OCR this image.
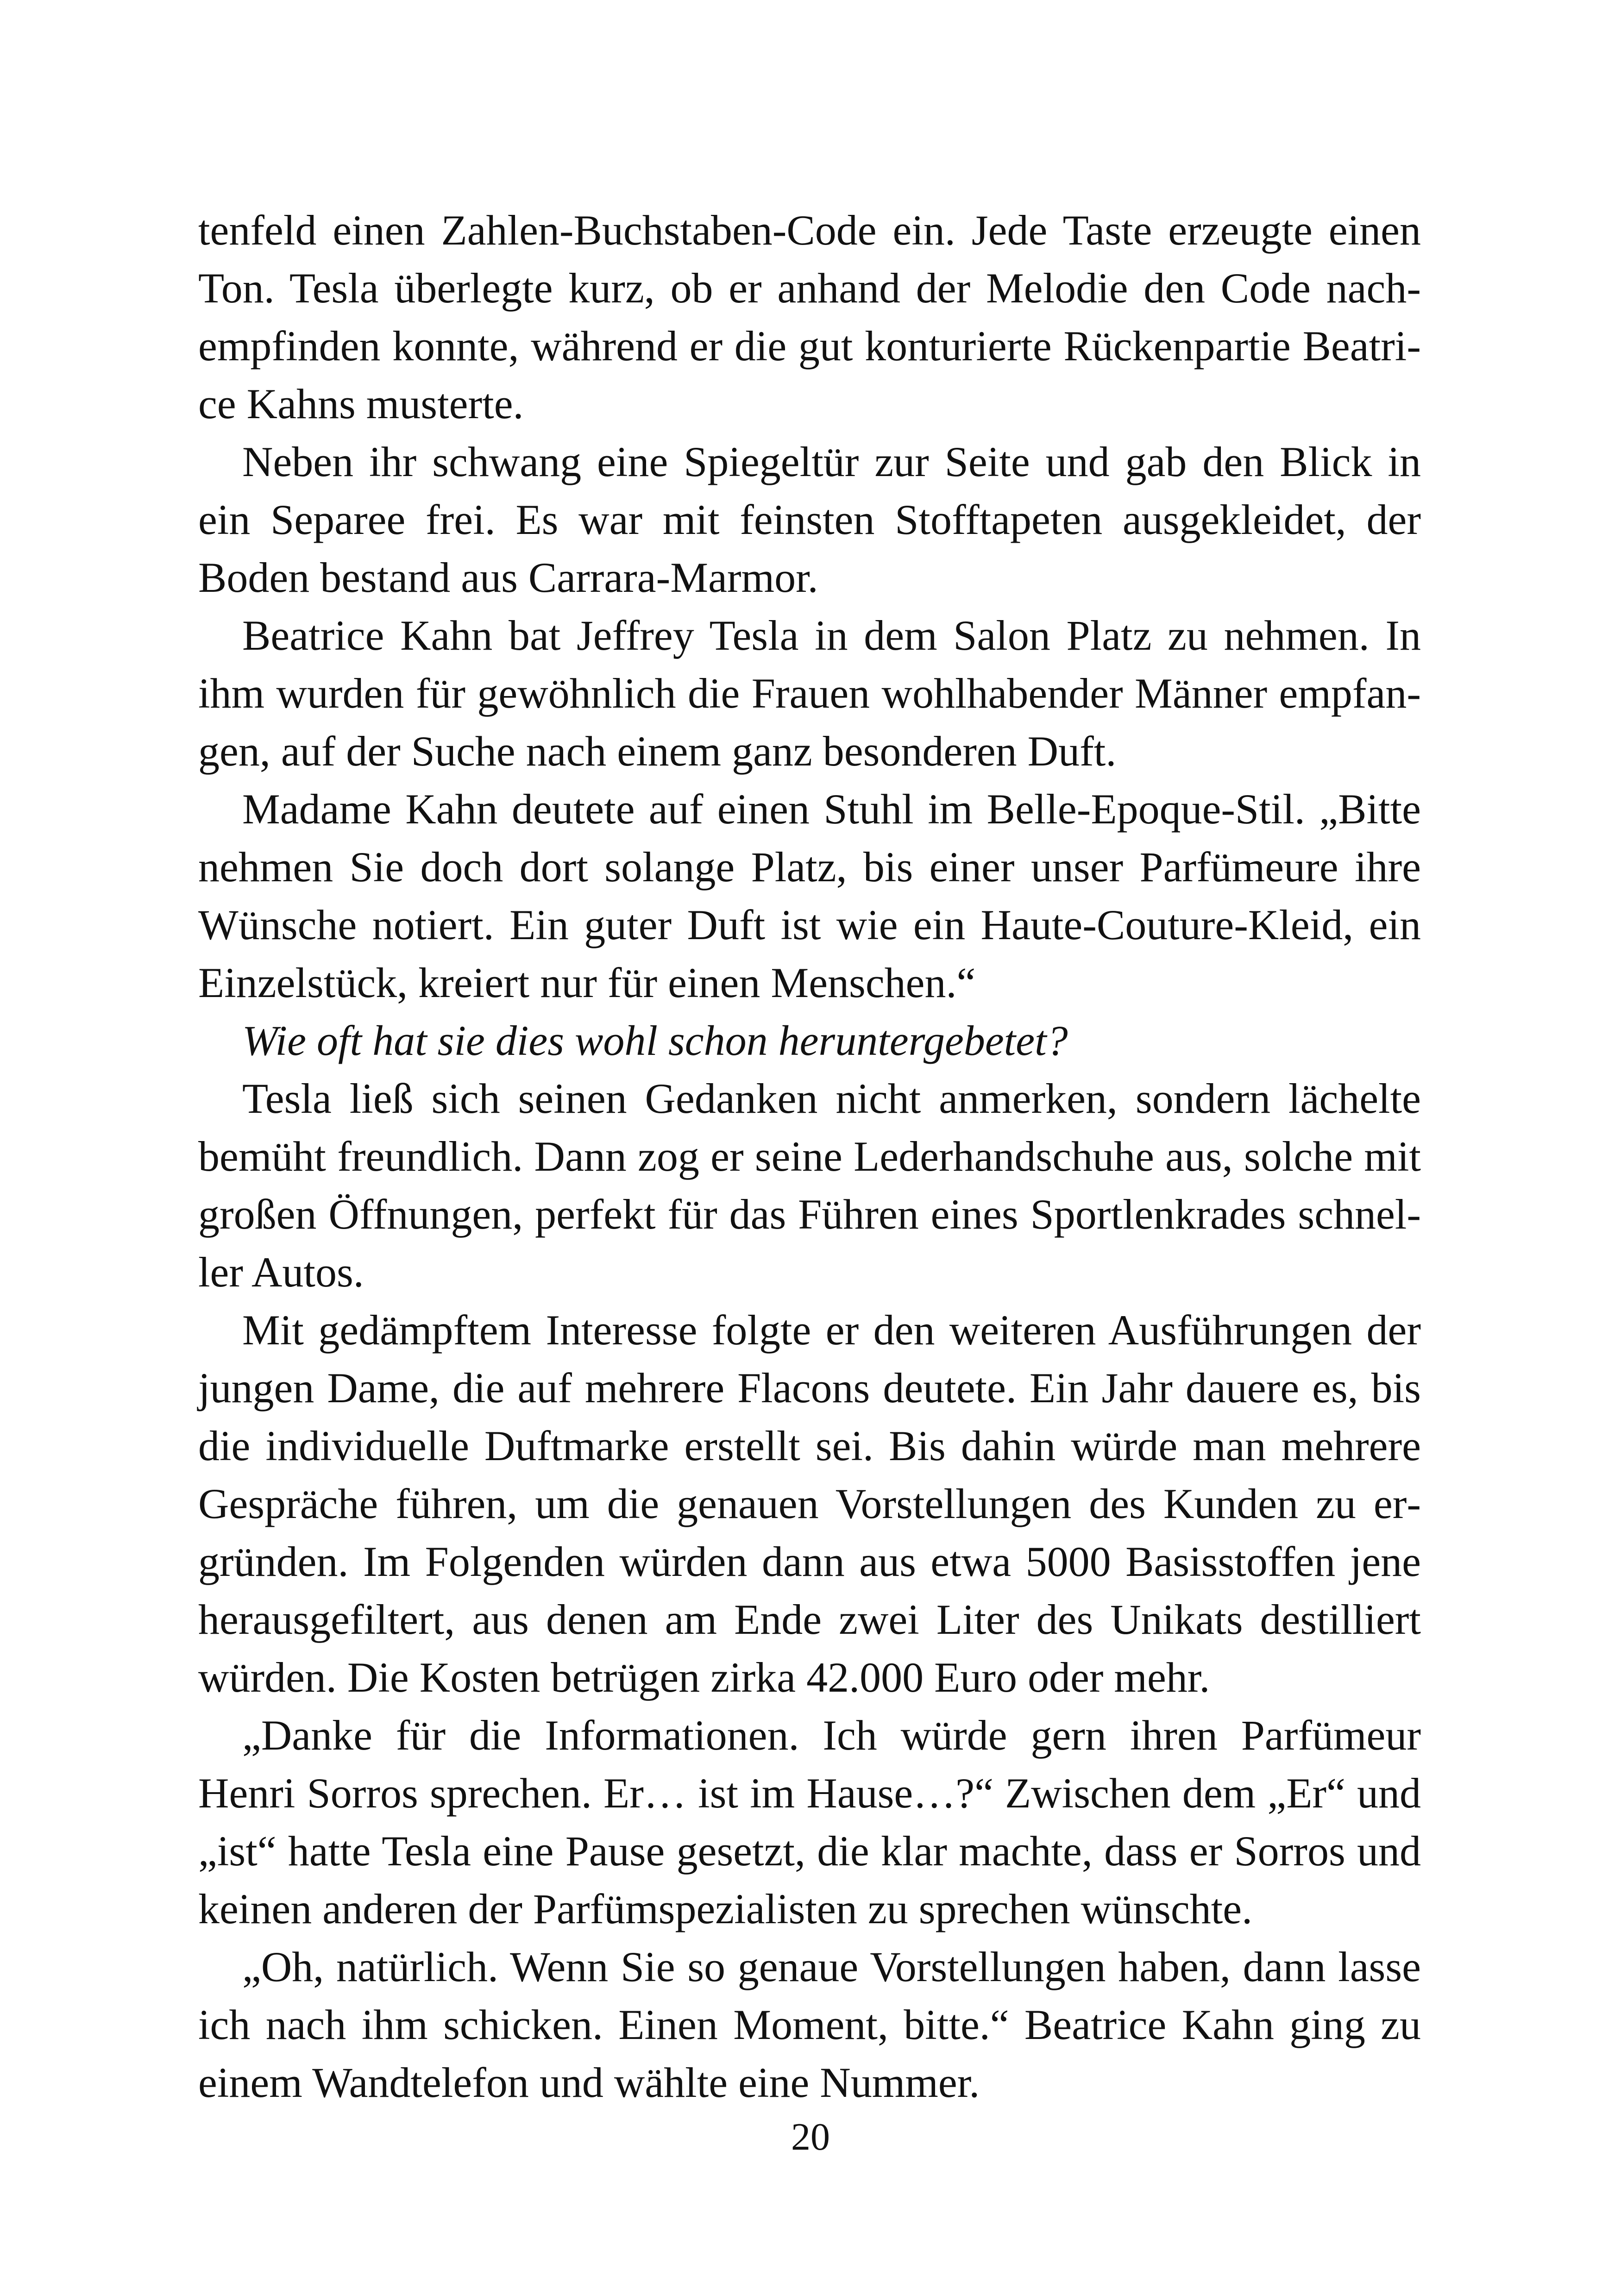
tenfeld einen Zahlen-Buchstaben-Code ein. Jede Taste erzeugte einen Ton. Tesla überlegte kurz, ob er anhand der Melodie den Code nachempfinden konnte, während er die gut konturierte Rückenpartie Beatrice Kahns musterte.

Neben ihr schwang eine Spiegeltür zur Seite und gab den Blick in ein Separee frei. Es war mit feinsten Stofftapeten ausgekleidet, der Boden bestand aus Carrara-Marmor.

Beatrice Kahn bat Jeffrey Tesla in dem Salon Platz zu nehmen. In ihm wurden für gewöhnlich die Frauen wohlhabender Männer empfangen, auf der Suche nach einem ganz besonderen Duft.

Madame Kahn deutete auf einen Stuhl im Belle-Epoque-Stil. „Bitte nehmen Sie doch dort solange Platz, bis einer unser Parfümeure ihre Wünsche notiert. Ein guter Duft ist wie ein Haute-Couture-Kleid, ein Einzelstück, kreiert nur für einen Menschen.“

Wie oft hat sie dies wohl schon heruntergebetet?

Tesla ließ sich seinen Gedanken nicht anmerken, sondern lächelte bemüht freundlich. Dann zog er seine Lederhandschuhe aus, solche mit großen Öffnungen, perfekt für das Führen eines Sportlenkrades schneller Autos.

Mit gedämpftem Interesse folgte er den weiteren Ausführungen der jungen Dame, die auf mehrere Flacons deutete. Ein Jahr dauere es, bis die individuelle Duftmarke erstellt sei. Bis dahin würde man mehrere Gespräche führen, um die genauen Vorstellungen des Kunden zu ergründen. Im Folgenden würden dann aus etwa 5000 Basisstoffen jene herausgefiltert, aus denen am Ende zwei Liter des Unikats destilliert würden. Die Kosten betrügen zirka 42.000 Euro oder mehr.

„Danke für die Informationen. Ich würde gern ihren Parfümeur Henri Sorros sprechen. Er… ist im Hause…?“ Zwischen dem „Er“ und „ist“ hatte Tesla eine Pause gesetzt, die klar machte, dass er Sorros und keinen anderen der Parfümspezialisten zu sprechen wünschte.

„Oh, natürlich. Wenn Sie so genaue Vorstellungen haben, dann lasse ich nach ihm schicken. Einen Moment, bitte.“ Beatrice Kahn ging zu einem Wandtelefon und wählte eine Nummer.

20
